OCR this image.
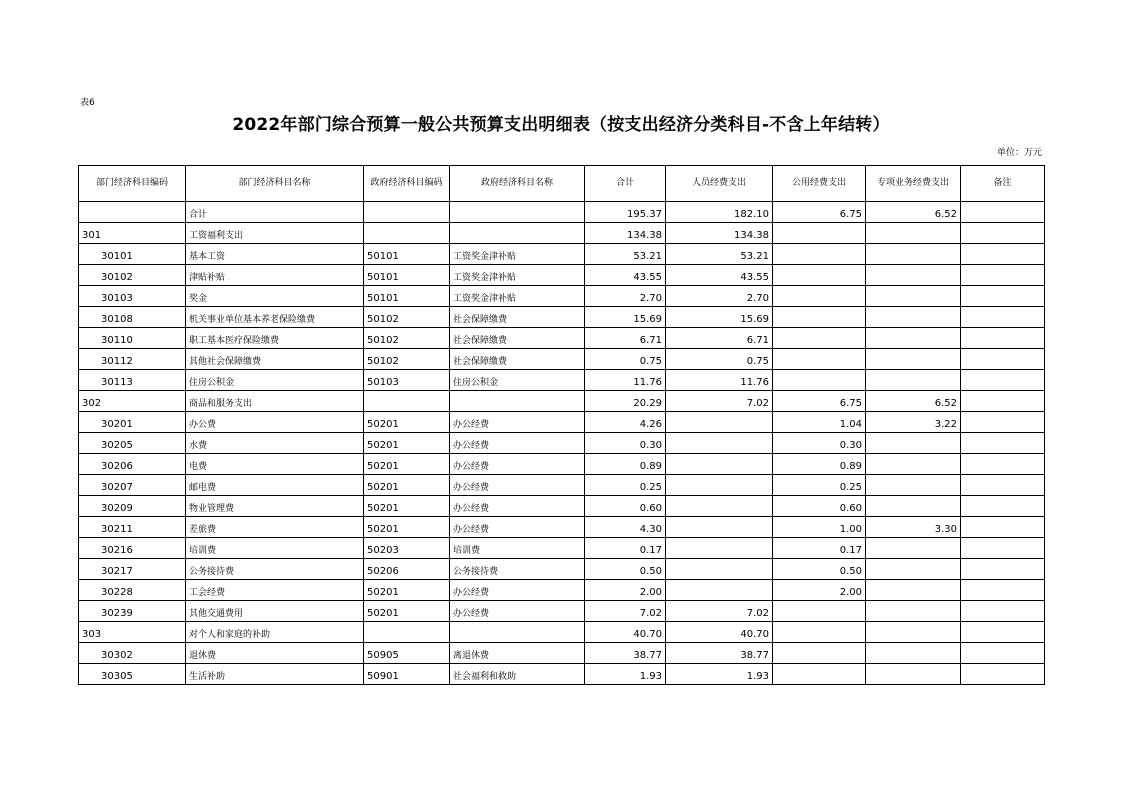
表6
2022年部门综合预算一般公共预算支出明细表（按支出经济分类科目-不含上年结转）
单位：万元
部门经济科目编码	部门经济科目名称	政府经济科目编码	政府经济科目名称	合计	人员经费支出	公用经费支出	专项业务经费支出	备注
	合计			195.37	182.10	6.75	6.52	
301	工资福利支出			134.38	134.38			
30101	基本工资	50101	工资奖金津补贴	53.21	53.21			
30102	津贴补贴	50101	工资奖金津补贴	43.55	43.55			
30103	奖金	50101	工资奖金津补贴	2.70	2.70			
30108	机关事业单位基本养老保险缴费	50102	社会保障缴费	15.69	15.69			
30110	职工基本医疗保险缴费	50102	社会保障缴费	6.71	6.71			
30112	其他社会保障缴费	50102	社会保障缴费	0.75	0.75			
30113	住房公积金	50103	住房公积金	11.76	11.76			
302	商品和服务支出			20.29	7.02	6.75	6.52	
30201	办公费	50201	办公经费	4.26		1.04	3.22	
30205	水费	50201	办公经费	0.30		0.30		
30206	电费	50201	办公经费	0.89		0.89		
30207	邮电费	50201	办公经费	0.25		0.25		
30209	物业管理费	50201	办公经费	0.60		0.60		
30211	差旅费	50201	办公经费	4.30		1.00	3.30	
30216	培训费	50203	培训费	0.17		0.17		
30217	公务接待费	50206	公务接待费	0.50		0.50		
30228	工会经费	50201	办公经费	2.00		2.00		
30239	其他交通费用	50201	办公经费	7.02	7.02			
303	对个人和家庭的补助			40.70	40.70			
30302	退休费	50905	离退休费	38.77	38.77			
30305	生活补助	50901	社会福利和救助	1.93	1.93			
